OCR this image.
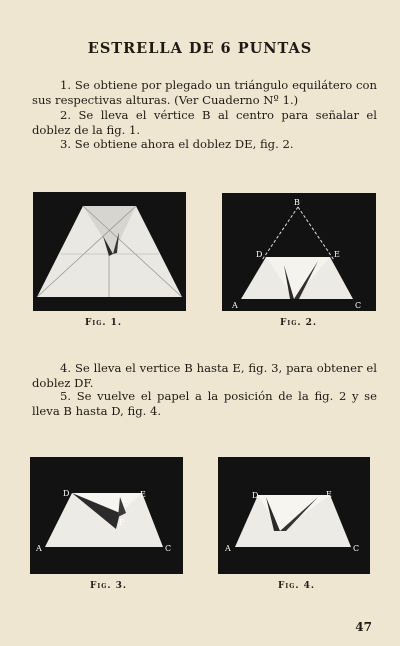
ESTRELLA DE 6 PUNTAS
1. Se obtiene por plegado un triángulo equilátero con sus respectivas alturas. (Ver Cuaderno Nº 1.)
2. Se lleva el vértice B al centro para señalar el doblez de la fig. 1.
3. Se obtiene ahora el doblez DE, fig. 2.
Fig. 1.
B
D	E
A	C
Fig. 2.
4. Se lleva el vertice B hasta E, fig. 3, para obtener el doblez DF.
5. Se vuelve el papel a la posición de la fig. 2 y se lleva B hasta D, fig. 4.
D	E
B
F
A	C
Fig. 3.
D	E
A	C
Fig. 4.
47
